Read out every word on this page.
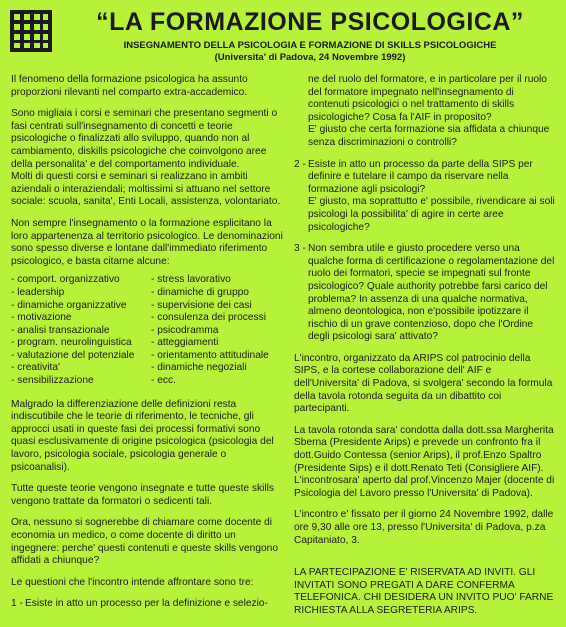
“LA FORMAZIONE PSICOLOGICA”
INSEGNAMENTO DELLA PSICOLOGIA E FORMAZIONE DI SKILLS PSICOLOGICHE
(Universita' di Padova, 24 Novembre 1992)

Il fenomeno della formazione psicologica ha assunto proporzioni rilevanti nel comparto extra-accademico.

Sono migliaia i corsi e seminari che presentano segmenti o fasi centrati sull'insegnamento di concetti e teorie psicologiche o finalizzati allo sviluppo, quando non al cambiamento, diskills psicologiche che coinvolgono aree della personalita' e del comportamento individuale.

Molti di questi corsi e seminari si realizzano in ambiti aziendali o interaziendali; moltissimi si attuano nel settore sociale: scuola, sanita', Enti Locali, assistenza, volontariato.

Non sempre l'insegnamento o la formazione esplicitano la loro appartenenza al territorio psicologico. Le denominazioni sono spesso diverse e lontane dall'immediato riferimento psicologico, e basta citarne alcune:

- comport. organizzativo	- stress lavorativo
- leadership	- dinamiche di gruppo
- dinamiche organizzative	- supervisione dei casi
- motivazione	- consulenza dei processi
- analisi transazionale	- psicodramma
- program. neurolinguistica	- atteggiamenti
- valutazione del potenziale	- orientamento attitudinale
- creativita'	- dinamiche negoziali
- sensibilizzazione	- ecc.

Malgrado la differenziazione delle definizioni resta indiscutibile che le teorie di riferimento, le tecniche, gli approcci usati in queste fasi dei processi formativi sono quasi esclusivamente di origine psicologica (psicologia del lavoro, psicologia sociale, psicologia generale o psicoanalisi).

Tutte queste teorie vengono insegnate e tutte queste skills vengono trattate da formatori o sedicenti tali.

Ora, nessuno si sognerebbe di chiamare come docente di economia un medico, o come docente di diritto un ingegnere: perche' questi contenuti e queste skills vengono affidati a chiunque?

Le questioni che l'incontro intende affrontare sono tre:

1 - Esiste in atto un processo per la definizione e selezio-
ne del ruolo del formatore, e in particolare per il ruolo del formatore impegnato nell'insegnamento di contenuti psicologici o nel trattamento di skills psicologiche? Cosa fa l'AIF in proposito?
E' giusto che certa formazione sia affidata a chiunque senza discriminazioni o controlli?
2 - Esiste in atto un processo da parte della SIPS per definire e tutelare il campo da riservare nella formazione agli psicologi?
E' giusto, ma soprattutto e' possibile, rivendicare ai soli psicologi la possibilita' di agire in certe aree psicologiche?
3 - Non sembra utile e giusto procedere verso una qualche forma di certificazione o regolamentazione del ruolo dei formatori, specie se impegnati sul fronte psicologico? Quale authority potrebbe farsi carico del problema? In assenza di una qualche normativa, almeno deontologica, non e'possibile ipotizzare il rischio di un grave contenzioso, dopo che l'Ordine degli psicologi sara' attivato?

L'incontro, organizzato da ARIPS col patrocinio della SIPS, e la cortese collaborazione dell' AIF e dell'Universita' di Padova, si svolgera' secondo la formula della tavola rotonda seguita da un dibattito coi partecipanti.

La tavola rotonda sara' condotta dalla dott.ssa Margherita Sberna (Presidente Arips) e prevede un confronto fra il dott.Guido Contessa (senior Arips), il prof.Enzo Spaltro (Presidente Sips) e il dott.Renato Teti (Consigliere AIF).

L'incontrosara' aperto dal prof.Vincenzo Majer (docente di Psicologia del Lavoro presso l'Universita' di Padova).

L'incontro e' fissato per il giorno 24 Novembre 1992, dalle ore 9,30 alle ore 13, presso l'Universita' di Padova, p.za Capitaniato, 3.

LA PARTECIPAZIONE E' RISERVATA AD INVITI. GLI INVITATI SONO PREGATI A DARE CONFERMA TELEFONICA. CHI DESIDERA UN INVITO PUO' FARNE RICHIESTA ALLA SEGRETERIA ARIPS.
